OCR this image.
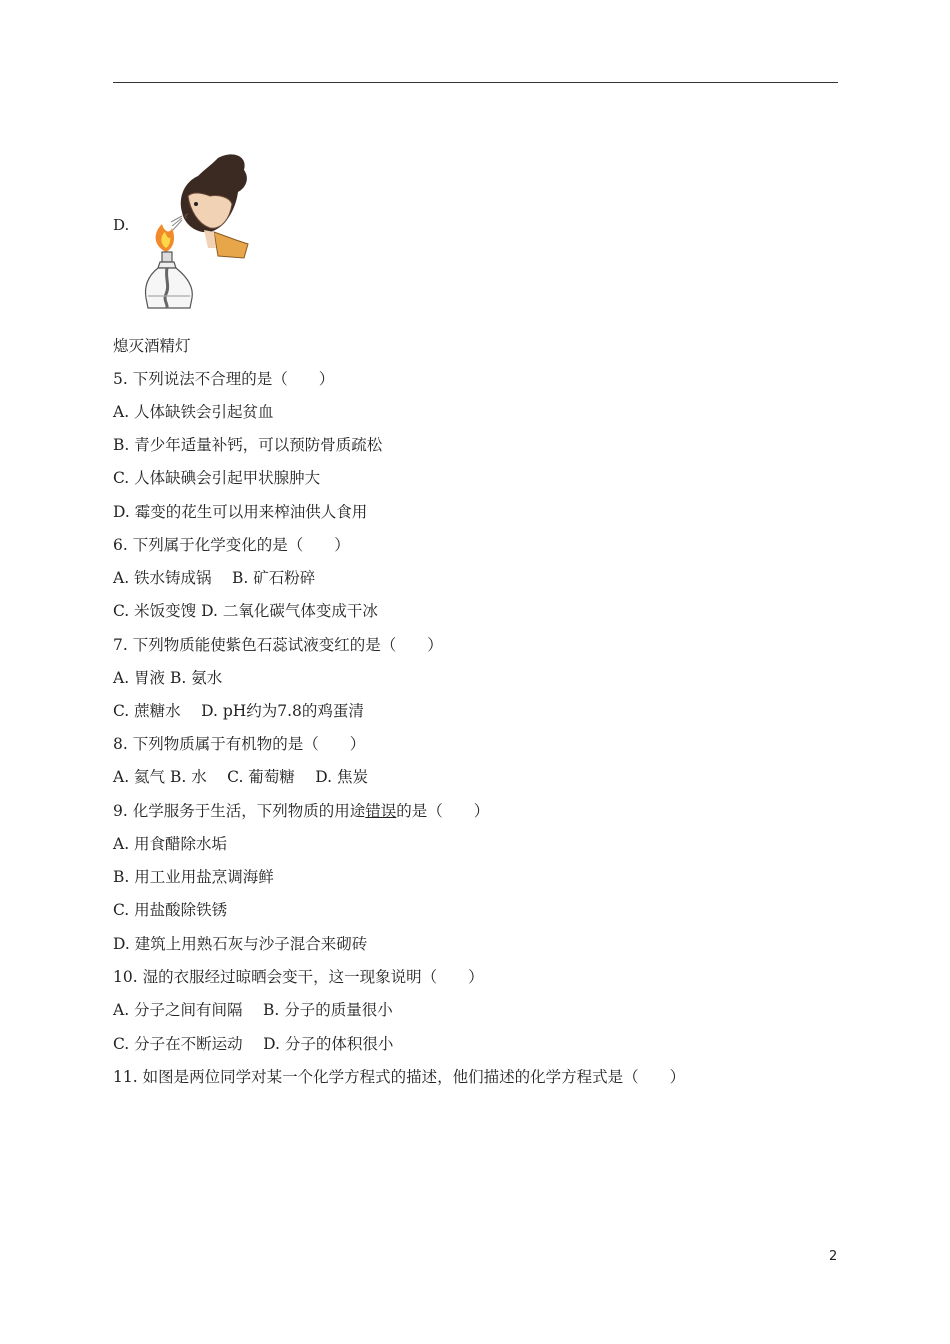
D.
熄灭酒精灯
5. 下列说法不合理的是（　　）
A. 人体缺铁会引起贫血
B. 青少年适量补钙，可以预防骨质疏松
C. 人体缺碘会引起甲状腺肿大
D. 霉变的花生可以用来榨油供人食用
6. 下列属于化学变化的是（　　）
A. 铁水铸成锅　 B. 矿石粉碎
C. 米饭变馊 D. 二氧化碳气体变成干冰
7. 下列物质能使紫色石蕊试液变红的是（　　）
A. 胃液 B. 氨水
C. 蔗糖水　 D. pH约为7.8的鸡蛋清
8. 下列物质属于有机物的是（　　）
A. 氦气 B. 水　 C. 葡萄糖　 D. 焦炭
9. 化学服务于生活，下列物质的用途错误的是（　　）
A. 用食醋除水垢
B. 用工业用盐烹调海鲜
C. 用盐酸除铁锈
D. 建筑上用熟石灰与沙子混合来砌砖
10. 湿的衣服经过晾晒会变干，这一现象说明（　　）
A. 分子之间有间隔　 B. 分子的质量很小
C. 分子在不断运动　 D. 分子的体积很小
11. 如图是两位同学对某一个化学方程式的描述，他们描述的化学方程式是（　　）
2
